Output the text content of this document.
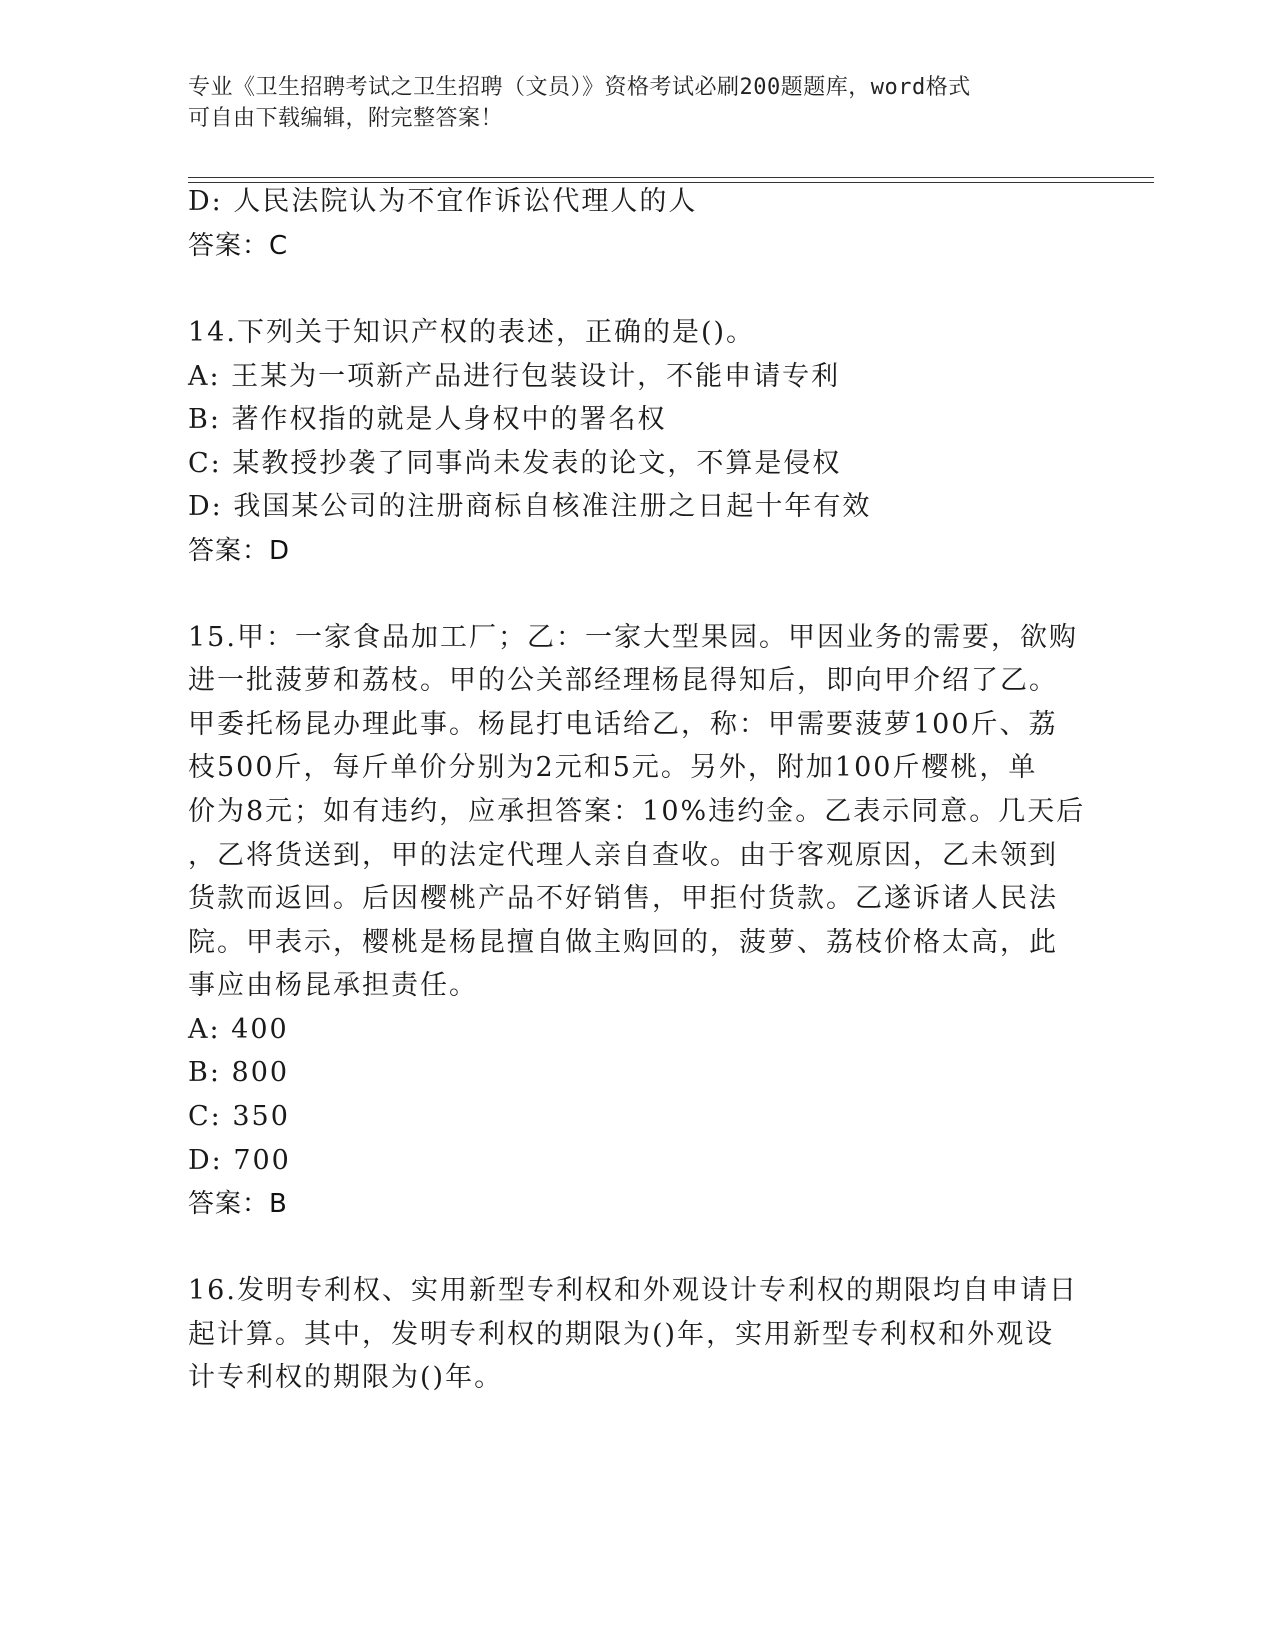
专业《卫生招聘考试之卫生招聘（文员）》资格考试必刷200题题库，word格式
可自由下载编辑，附完整答案！
D: 人民法院认为不宜作诉讼代理人的人
答案：C
14.下列关于知识产权的表述，正确的是()。
A: 王某为一项新产品进行包装设计，不能申请专利
B: 著作权指的就是人身权中的署名权
C: 某教授抄袭了同事尚未发表的论文，不算是侵权
D: 我国某公司的注册商标自核准注册之日起十年有效
答案：D
15.甲：一家食品加工厂；乙：一家大型果园。甲因业务的需要，欲购
进一批菠萝和荔枝。甲的公关部经理杨昆得知后，即向甲介绍了乙。
甲委托杨昆办理此事。杨昆打电话给乙，称：甲需要菠萝100斤、荔
枝500斤，每斤单价分别为2元和5元。另外，附加100斤樱桃，单
价为8元；如有违约，应承担答案：10%违约金。乙表示同意。几天后
，乙将货送到，甲的法定代理人亲自查收。由于客观原因，乙未领到
货款而返回。后因樱桃产品不好销售，甲拒付货款。乙遂诉诸人民法
院。甲表示，樱桃是杨昆擅自做主购回的，菠萝、荔枝价格太高，此
事应由杨昆承担责任。
A: 400
B: 800
C: 350
D: 700
答案：B
16.发明专利权、实用新型专利权和外观设计专利权的期限均自申请日
起计算。其中，发明专利权的期限为()年，实用新型专利权和外观设
计专利权的期限为()年。
